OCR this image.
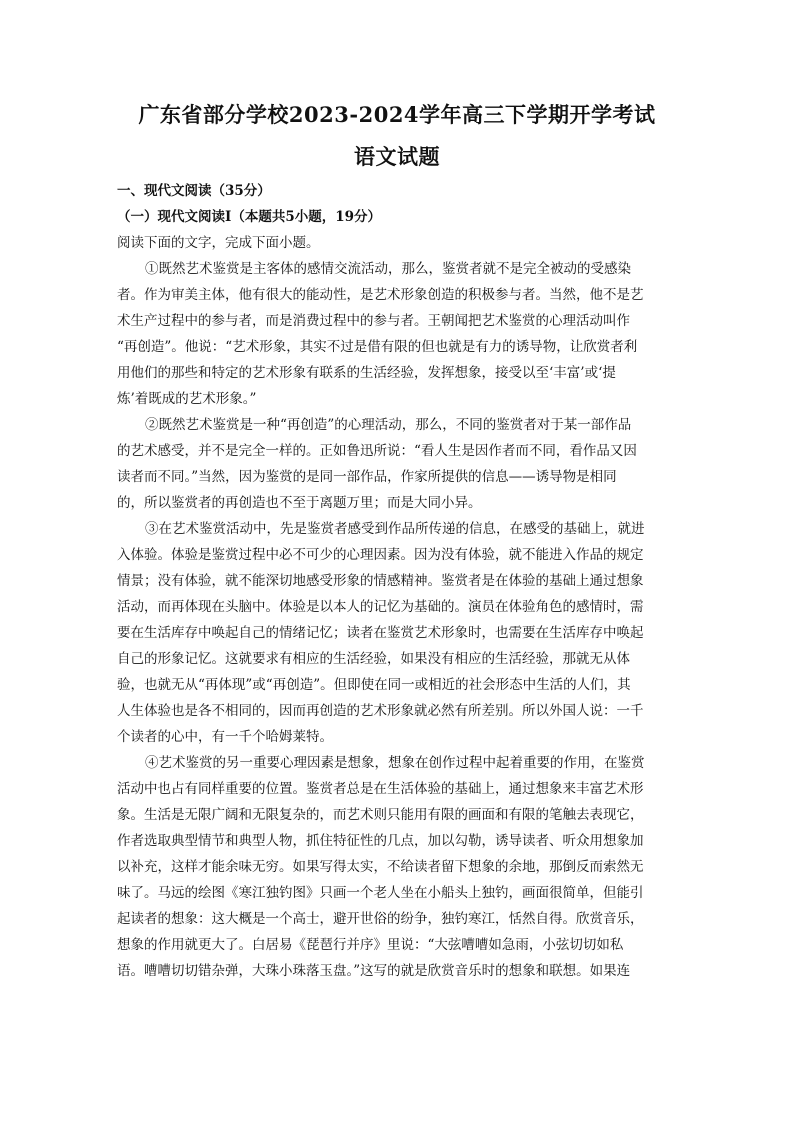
广东省部分学校2023-2024学年高三下学期开学考试
语文试题
一、现代文阅读（35分）
（一）现代文阅读Ⅰ（本题共5小题，19分）
阅读下面的文字，完成下面小题。
①既然艺术鉴赏是主客体的感情交流活动，那么，鉴赏者就不是完全被动的受感染
者。作为审美主体，他有很大的能动性，是艺术形象创造的积极参与者。当然，他不是艺
术生产过程中的参与者，而是消费过程中的参与者。王朝闻把艺术鉴赏的心理活动叫作
“再创造”。他说：“艺术形象，其实不过是借有限的但也就是有力的诱导物，让欣赏者利
用他们的那些和特定的艺术形象有联系的生活经验，发挥想象，接受以至‘丰富’或‘提
炼’着既成的艺术形象。”
②既然艺术鉴赏是一种“再创造”的心理活动，那么，不同的鉴赏者对于某一部作品
的艺术感受，并不是完全一样的。正如鲁迅所说：“看人生是因作者而不同，看作品又因
读者而不同。”当然，因为鉴赏的是同一部作品，作家所提供的信息——诱导物是相同
的，所以鉴赏者的再创造也不至于离题万里；而是大同小异。
③在艺术鉴赏活动中，先是鉴赏者感受到作品所传递的信息，在感受的基础上，就进
入体验。体验是鉴赏过程中必不可少的心理因素。因为没有体验，就不能进入作品的规定
情景；没有体验，就不能深切地感受形象的情感精神。鉴赏者是在体验的基础上通过想象
活动，而再体现在头脑中。体验是以本人的记忆为基础的。演员在体验角色的感情时，需
要在生活库存中唤起自己的情绪记忆；读者在鉴赏艺术形象时，也需要在生活库存中唤起
自己的形象记忆。这就要求有相应的生活经验，如果没有相应的生活经验，那就无从体
验，也就无从“再体现”或“再创造”。但即使在同一或相近的社会形态中生活的人们，其
人生体验也是各不相同的，因而再创造的艺术形象就必然有所差别。所以外国人说：一千
个读者的心中，有一千个哈姆莱特。
④艺术鉴赏的另一重要心理因素是想象，想象在创作过程中起着重要的作用，在鉴赏
活动中也占有同样重要的位置。鉴赏者总是在生活体验的基础上，通过想象来丰富艺术形
象。生活是无限广阔和无限复杂的，而艺术则只能用有限的画面和有限的笔触去表现它，
作者选取典型情节和典型人物，抓住特征性的几点，加以勾勒，诱导读者、听众用想象加
以补充，这样才能余味无穷。如果写得太实，不给读者留下想象的余地，那倒反而索然无
味了。马远的绘图《寒江独钓图》只画一个老人坐在小船头上独钓，画面很简单，但能引
起读者的想象：这大概是一个高士，避开世俗的纷争，独钓寒江，恬然自得。欣赏音乐，
想象的作用就更大了。白居易《琵琶行并序》里说：“大弦嘈嘈如急雨，小弦切切如私
语。嘈嘈切切错杂弹，大珠小珠落玉盘。”这写的就是欣赏音乐时的想象和联想。如果连
